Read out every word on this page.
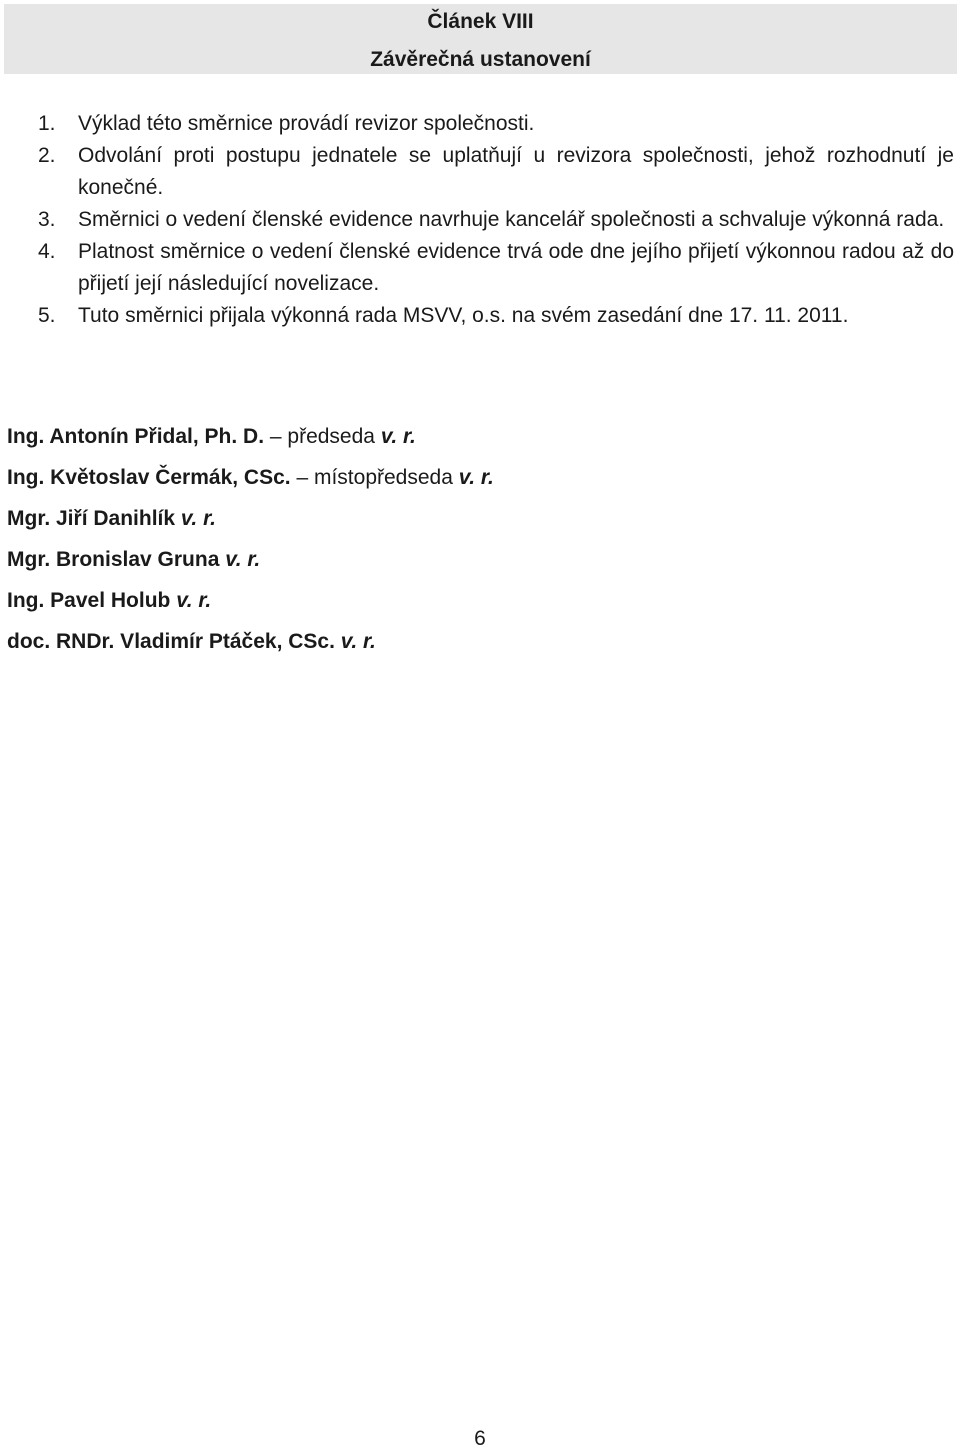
Článek VIII
Závěrečná ustanovení
1. Výklad této směrnice provádí revizor společnosti.
2. Odvolání proti postupu jednatele se uplatňují u revizora společnosti, jehož rozhodnutí je konečné.
3. Směrnici o vedení členské evidence navrhuje kancelář společnosti a schvaluje výkonná rada.
4. Platnost směrnice o vedení členské evidence trvá ode dne jejího přijetí výkonnou radou až do přijetí její následující novelizace.
5. Tuto směrnici přijala výkonná rada MSVV, o.s. na svém zasedání dne 17. 11. 2011.
Ing. Antonín Přidal, Ph. D. – předseda v. r.
Ing. Květoslav Čermák, CSc. – místopředseda v. r.
Mgr. Jiří Danihlík v. r.
Mgr. Bronislav Gruna v. r.
Ing. Pavel Holub v. r.
doc. RNDr. Vladimír Ptáček, CSc. v. r.
6
